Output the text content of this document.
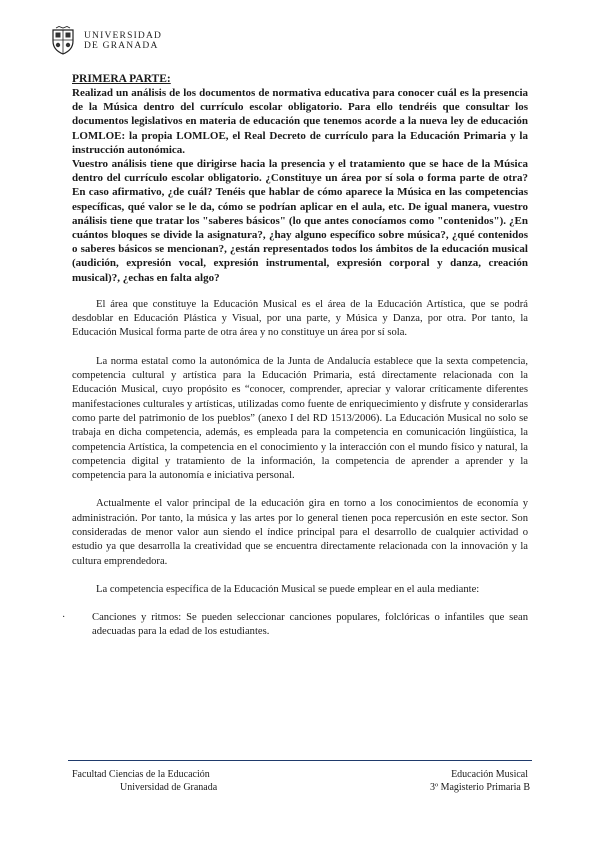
UNIVERSIDAD
DE GRANADA

PRIMERA PARTE:

Realizad un análisis de los documentos de normativa educativa para conocer cuál es la presencia de la Música dentro del currículo escolar obligatorio. Para ello tendréis que consultar los documentos legislativos en materia de educación que tenemos acorde a la nueva ley de educación LOMLOE: la propia LOMLOE, el Real Decreto de currículo para la Educación Primaria y la instrucción autonómica.

Vuestro análisis tiene que dirigirse hacia la presencia y el tratamiento que se hace de la Música dentro del currículo escolar obligatorio. ¿Constituye un área por sí sola o forma parte de otra? En caso afirmativo, ¿de cuál? Tenéis que hablar de cómo aparece la Música en las competencias específicas, qué valor se le da, cómo se podrían aplicar en el aula, etc. De igual manera, vuestro análisis tiene que tratar los "saberes básicos" (lo que antes conocíamos como "contenidos"). ¿En cuántos bloques se divide la asignatura?, ¿hay alguno específico sobre música?, ¿qué contenidos o saberes básicos se mencionan?, ¿están representados todos los ámbitos de la educación musical (audición, expresión vocal, expresión instrumental, expresión corporal y danza, creación musical)?, ¿echas en falta algo?

El área que constituye la Educación Musical es el área de la Educación Artística, que se podrá desdoblar en Educación Plástica y Visual, por una parte, y Música y Danza, por otra. Por tanto, la Educación Musical forma parte de otra área y no constituye un área por sí sola.

La norma estatal como la autonómica de la Junta de Andalucía establece que la sexta competencia, competencia cultural y artística para la Educación Primaria, está directamente relacionada con la Educación Musical, cuyo propósito es “conocer, comprender, apreciar y valorar críticamente diferentes manifestaciones culturales y artísticas, utilizadas como fuente de enriquecimiento y disfrute y considerarlas como parte del patrimonio de los pueblos” (anexo I del RD 1513/2006). La Educación Musical no solo se trabaja en dicha competencia, además, es empleada para la competencia en comunicación lingüística, la competencia Artística, la competencia en el conocimiento y la interacción con el mundo físico y natural, la competencia digital y tratamiento de la información, la competencia de aprender a aprender y la competencia para la autonomía e iniciativa personal.

Actualmente el valor principal de la educación gira en torno a los conocimientos de economía y administración. Por tanto, la música y las artes por lo general tienen poca repercusión en este sector. Son consideradas de menor valor aun siendo el índice principal para el desarrollo de cualquier actividad o estudio ya que desarrolla la creatividad que se encuentra directamente relacionada con la innovación y la cultura emprendedora.

La competencia específica de la Educación Musical se puede emplear en el aula mediante:

·	Canciones y ritmos: Se pueden seleccionar canciones populares, folclóricas o infantiles que sean adecuadas para la edad de los estudiantes.

Facultad Ciencias de la Educación
Universidad de Granada
Educación Musical
3º Magisterio Primaria B
